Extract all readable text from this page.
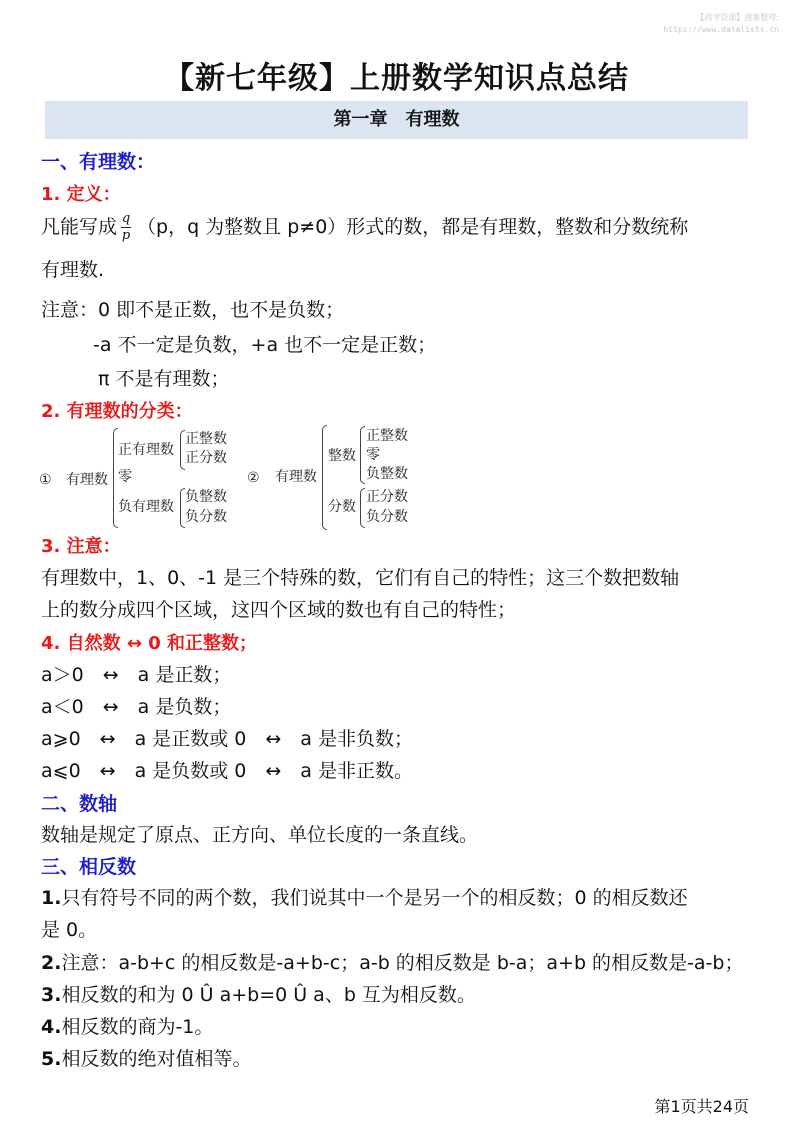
【尚学资源】搜集整理:
https://www.datalists.cn
【新七年级】上册数学知识点总结
第一章　有理数
一、有理数：
1. 定义：
凡能写成 $\frac{q}{p} (p$，q 为整数且 p≠0）形式的数，都是有理数，整数和分数统称
有理数.
注意：0 即不是正数，也不是负数；
-a 不一定是负数，+a 也不一定是正数；
π 不是有理数；
2. 有理数的分类：
① 有理数
正有理数
零
负有理数
正整数
正分数
负整数
负分数
② 有理数
整数
分数
正整数
零
负整数
正分数
负分数
3. 注意：
有理数中，1、0、-1 是三个特殊的数，它们有自己的特性；这三个数把数轴
上的数分成四个区域，这四个区域的数也有自己的特性；
4. 自然数 ↔ 0 和正整数；
a＞0　↔　a 是正数；
a＜0　↔　a 是负数；
a⩾0　↔　a 是正数或 0　↔　a 是非负数；
a⩽0　↔　a 是负数或 0　↔　a 是非正数。
二、数轴
数轴是规定了原点、正方向、单位长度的一条直线。
三、相反数
1.只有符号不同的两个数，我们说其中一个是另一个的相反数；0 的相反数还
是 0。
2.注意：a-b+c 的相反数是-a+b-c；a-b 的相反数是 b-a；a+b 的相反数是-a-b；
3.相反数的和为 0 Û a+b=0 Û a、b 互为相反数。
4.相反数的商为-1。
5.相反数的绝对值相等。
第1页共24页
